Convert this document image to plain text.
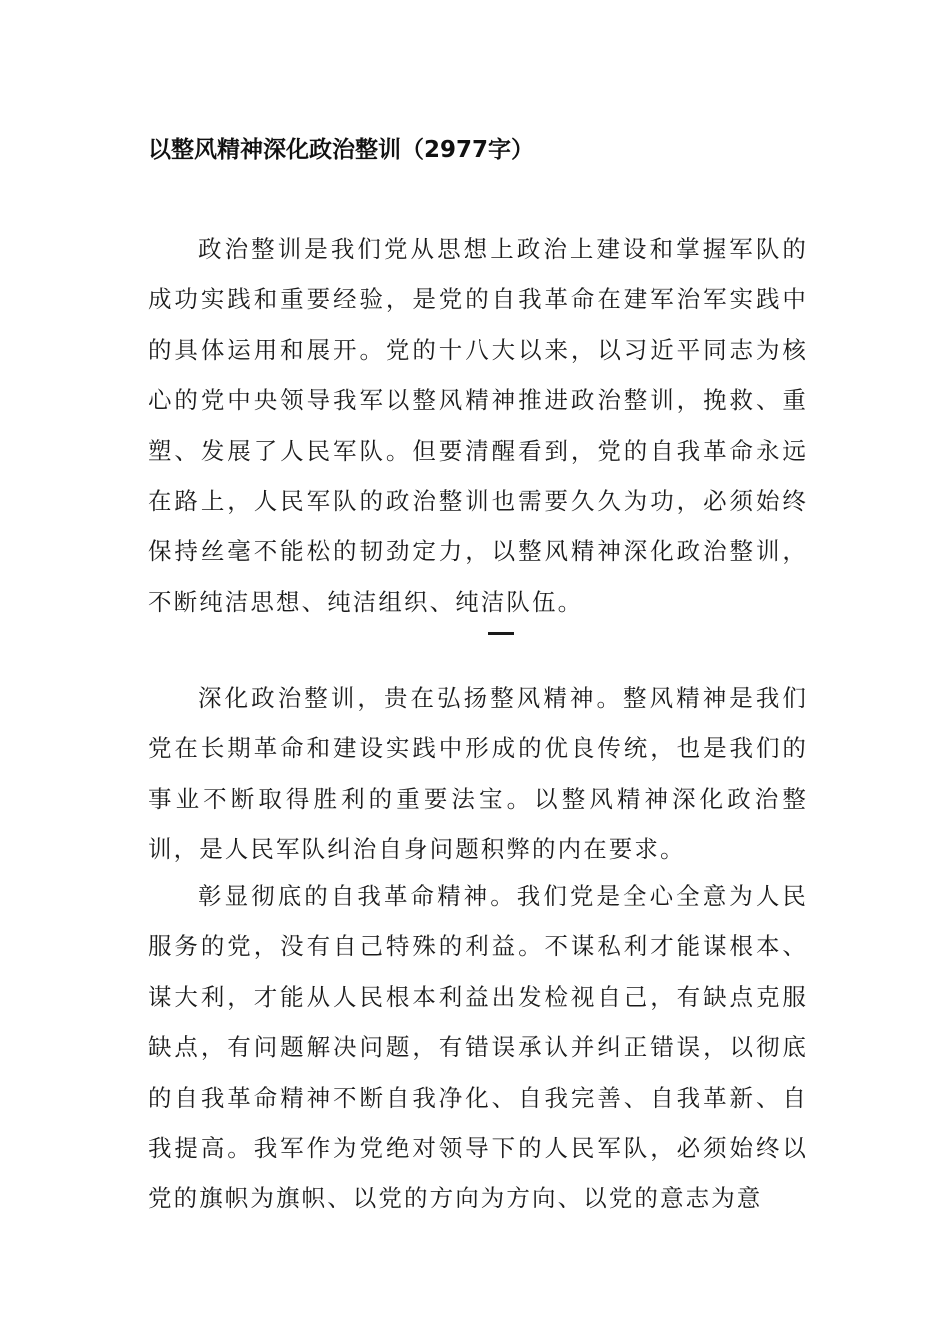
以整风精神深化政治整训（2977字）

政治整训是我们党从思想上政治上建设和掌握军队的成功实践和重要经验，是党的自我革命在建军治军实践中的具体运用和展开。党的十八大以来，以习近平同志为核心的党中央领导我军以整风精神推进政治整训，挽救、重塑、发展了人民军队。但要清醒看到，党的自我革命永远在路上，人民军队的政治整训也需要久久为功，必须始终保持丝毫不能松的韧劲定力，以整风精神深化政治整训，不断纯洁思想、纯洁组织、纯洁队伍。

深化政治整训，贵在弘扬整风精神。整风精神是我们党在长期革命和建设实践中形成的优良传统，也是我们的事业不断取得胜利的重要法宝。以整风精神深化政治整训，是人民军队纠治自身问题积弊的内在要求。

彰显彻底的自我革命精神。我们党是全心全意为人民服务的党，没有自己特殊的利益。不谋私利才能谋根本、谋大利，才能从人民根本利益出发检视自己，有缺点克服缺点，有问题解决问题，有错误承认并纠正错误，以彻底的自我革命精神不断自我净化、自我完善、自我革新、自我提高。我军作为党绝对领导下的人民军队，必须始终以党的旗帜为旗帜、以党的方向为方向、以党的意志为意
